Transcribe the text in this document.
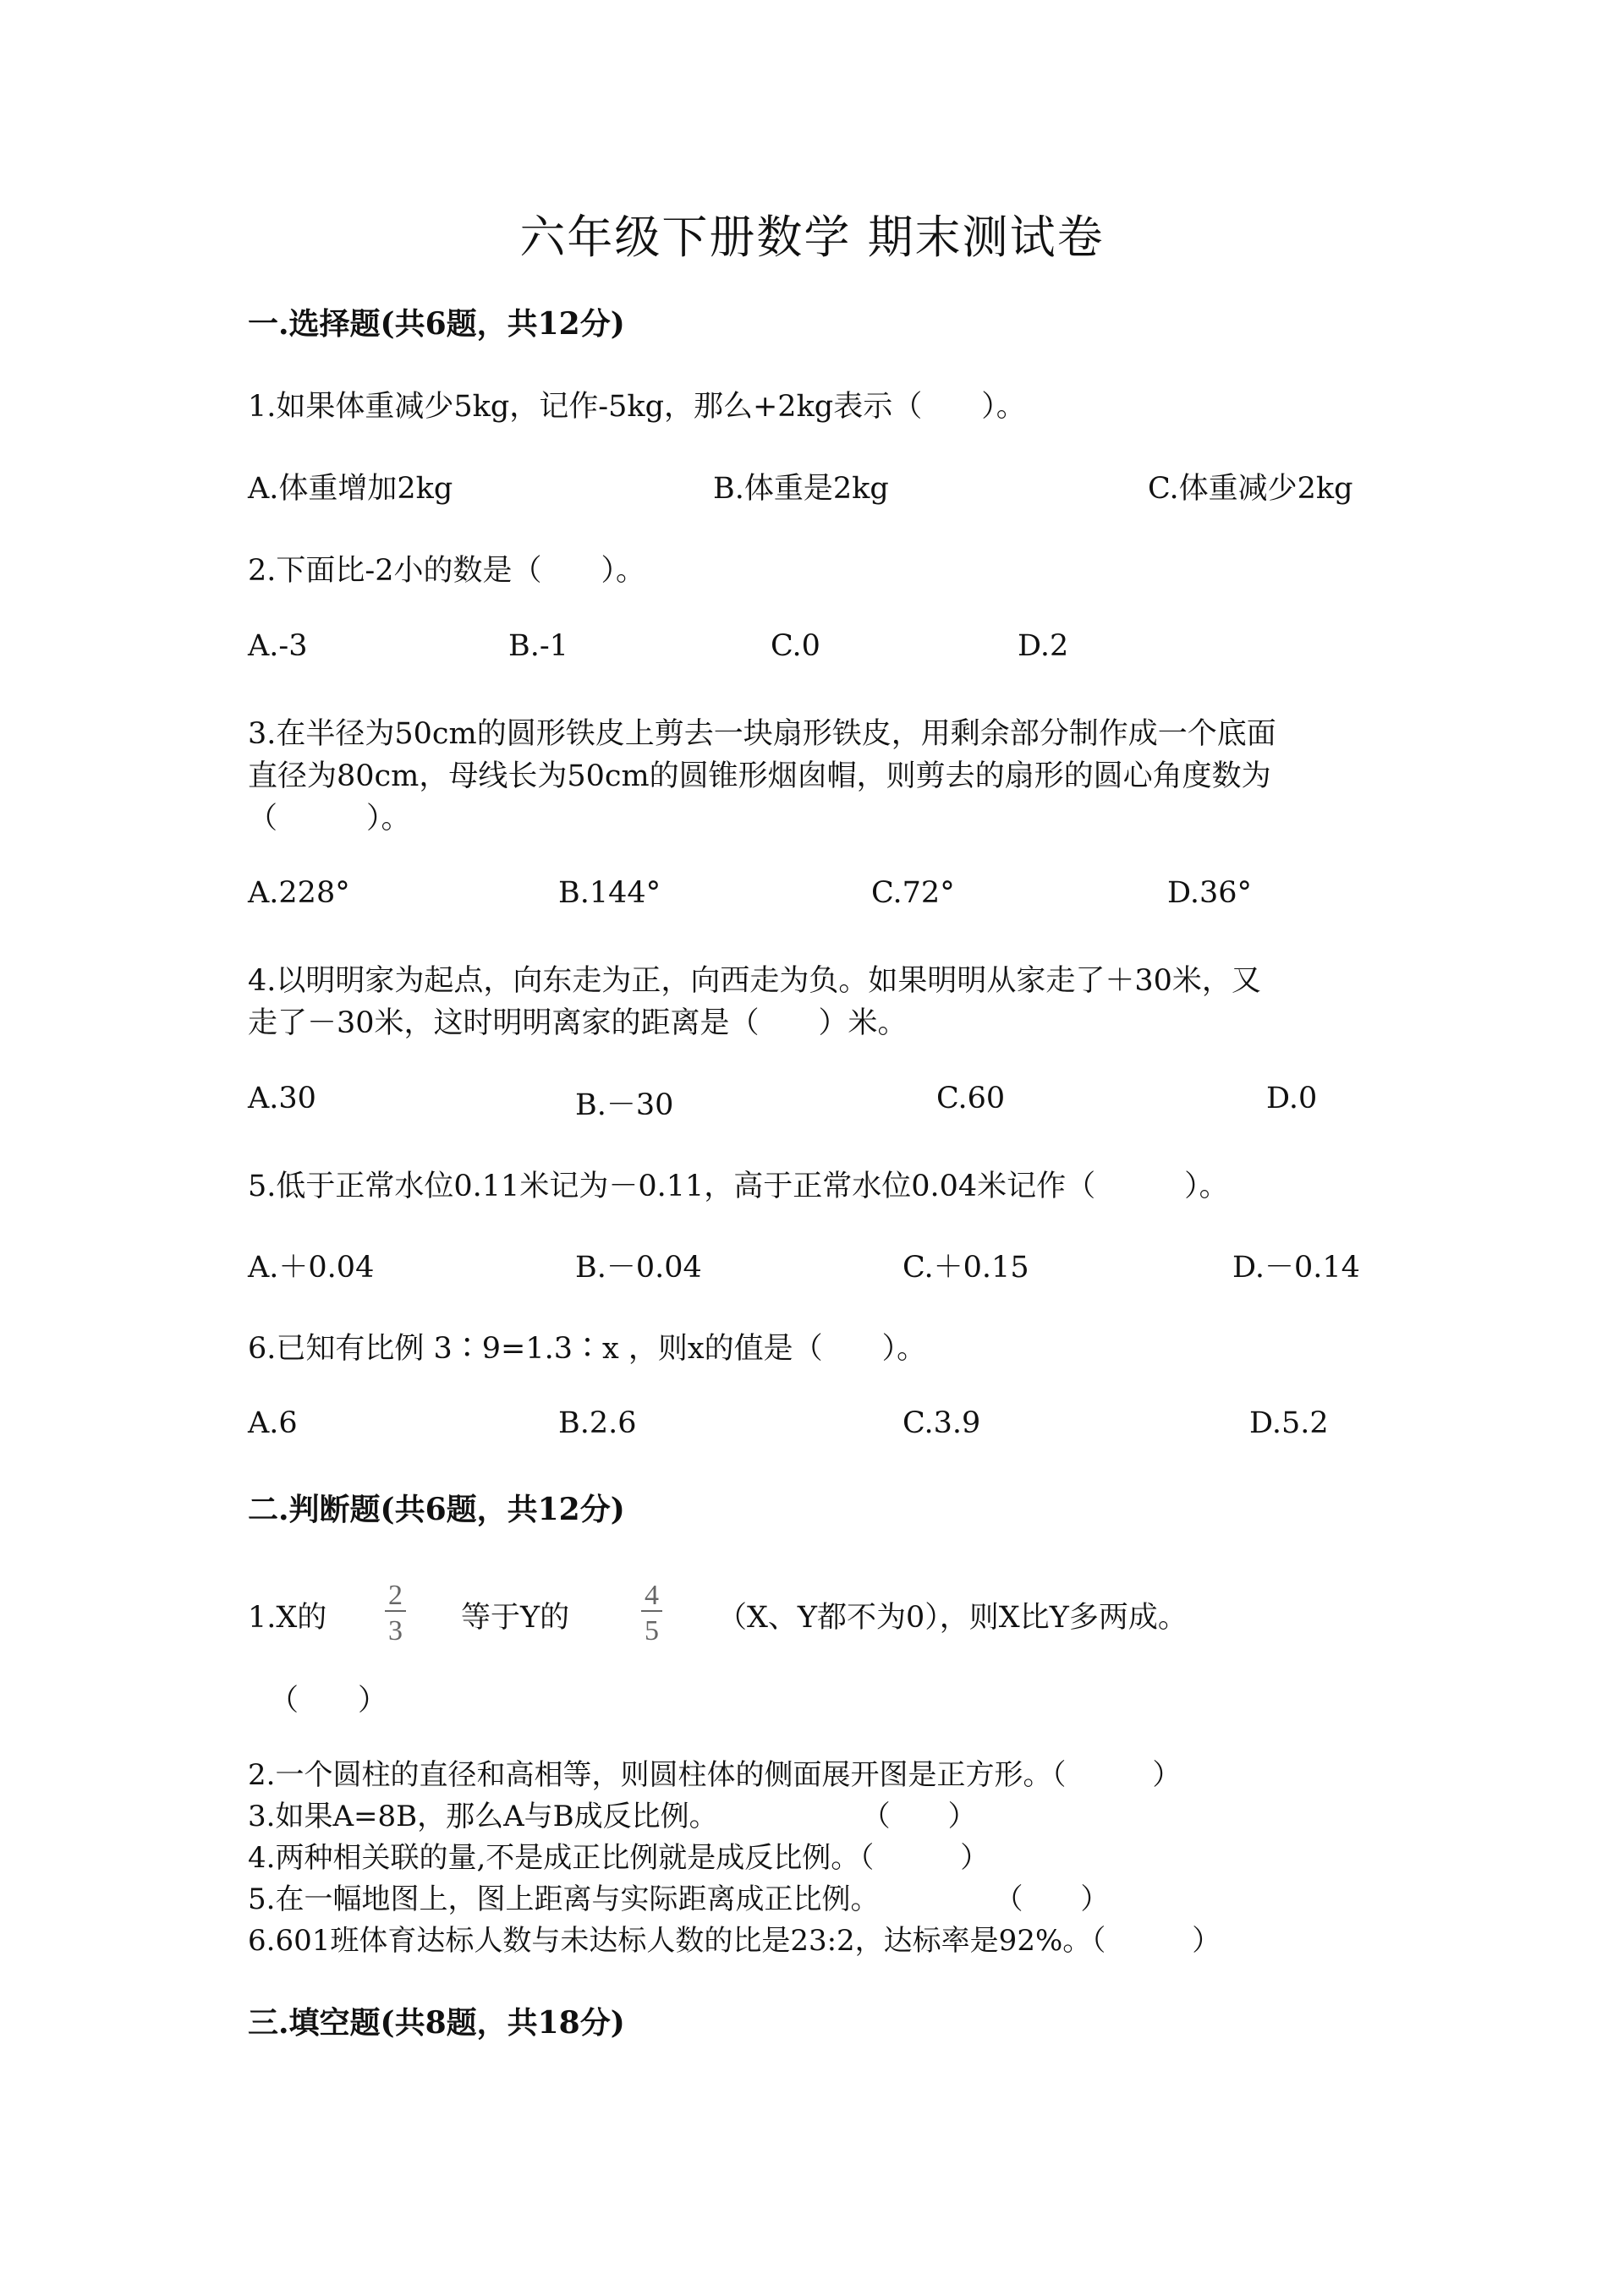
六年级下册数学 期末测试卷
一.选择题(共6题，共12分)
1.如果体重减少5kg，记作-5kg，那么+2kg表示（　　）。
A.体重增加2kg	B.体重是2kg	C.体重减少2kg
2.下面比-2小的数是（　　）。
A.-3	B.-1	C.0	D.2
3.在半径为50cm的圆形铁皮上剪去一块扇形铁皮，用剩余部分制作成一个底面
直径为80cm，母线长为50cm的圆锥形烟囱帽，则剪去的扇形的圆心角度数为
（　　　）。
A.228°	B.144°	C.72°	D.36°
4.以明明家为起点，向东走为正，向西走为负。如果明明从家走了＋30米，又
走了－30米，这时明明离家的距离是（　　）米。
A.30	B.－30	C.60	D.0
5.低于正常水位0.11米记为－0.11，高于正常水位0.04米记作（　　　）。
A.＋0.04	B.－0.04	C.＋0.15	D.－0.14
6.已知有比例 3∶9=1.3∶x ，则x的值是（　　）。
A.6	B.2.6	C.3.9	D.5.2
二.判断题(共6题，共12分)
1.X的 $\frac{2}{3}$ 等于Y的 $\frac{4}{5} (X$、Y都不为0），则X比Y多两成。
（　　）
2.一个圆柱的直径和高相等，则圆柱体的侧面展开图是正方形。（　　　）
3.如果A=8B，那么A与B成反比例。　　　　　　（　　）
4.两种相关联的量,不是成正比例就是成反比例。（　　　）
5.在一幅地图上，图上距离与实际距离成正比例。　　　　　（　　）
6.601班体育达标人数与未达标人数的比是23:2，达标率是92%。（　　　）
三.填空题(共8题，共18分)
